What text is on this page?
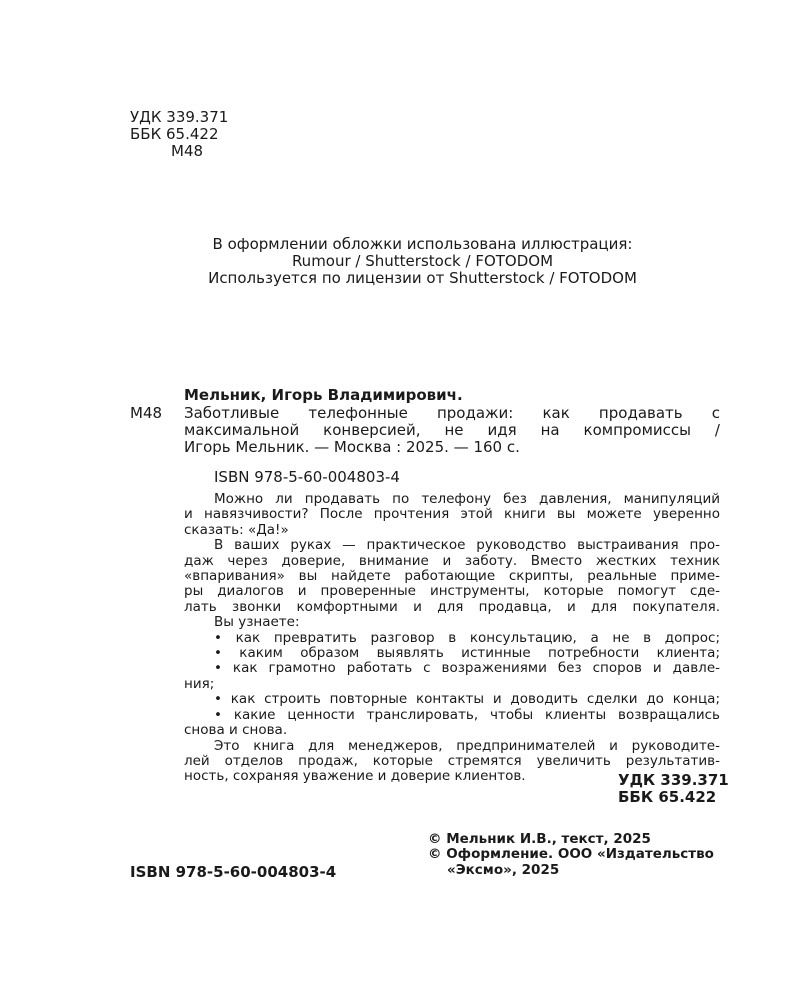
УДК 339.371
ББК 65.422
М48
В оформлении обложки использована иллюстрация:
Rumour / Shutterstock / FOTODOM
Используется по лицензии от Shutterstock / FOTODOM
Мельник, Игорь Владимирович.
М48 Заботливые телефонные продажи: как продавать с
максимальной конверсией, не идя на компромиссы /
Игорь Мельник. — Москва : 2025. — 160 с.
ISBN 978-5-60-004803-4
Можно ли продавать по телефону без давления, манипуляций
и навязчивости? После прочтения этой книги вы можете уверенно
сказать: «Да!»
В ваших руках — практическое руководство выстраивания про-
даж через доверие, внимание и заботу. Вместо жестких техник
«впаривания» вы найдете работающие скрипты, реальные приме-
ры диалогов и проверенные инструменты, которые помогут сде-
лать звонки комфортными и для продавца, и для покупателя.
Вы узнаете:
• как превратить разговор в консультацию, а не в допрос;
• каким образом выявлять истинные потребности клиента;
• как грамотно работать с возражениями без споров и давле-
ния;
• как строить повторные контакты и доводить сделки до конца;
• какие ценности транслировать, чтобы клиенты возвращались
снова и снова.
Это книга для менеджеров, предпринимателей и руководите-
лей отделов продаж, которые стремятся увеличить результатив-
ность, сохраняя уважение и доверие клиентов.	УДК 339.371
ББК 65.422
ISBN 978-5-60-004803-4
© Мельник И.В., текст, 2025
© Оформление. ООО «Издательство
«Эксмо», 2025
